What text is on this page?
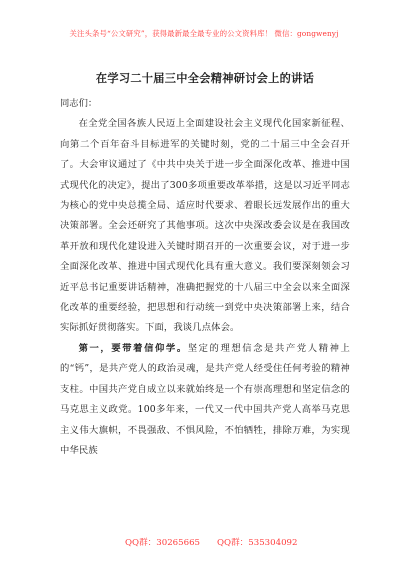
关注头条号“公文研究”，获得最新最全最专业的公文资料库！ 微信：gongwenyj
在学习二十届三中全会精神研讨会上的讲话

同志们：

在全党全国各族人民迈上全面建设社会主义现代化国家新征程、向第二个百年奋斗目标进军的关键时刻，党的二十届三中全会召开了。大会审议通过了《中共中央关于进一步全面深化改革、推进中国式现代化的决定》，提出了300多项重要改革举措，这是以习近平同志为核心的党中央总揽全局、适应时代要求、着眼长远发展作出的重大决策部署。全会还研究了其他事项。这次中央深改委会议是在我国改革开放和现代化建设进入关键时期召开的一次重要会议，对于进一步全面深化改革、推进中国式现代化具有重大意义。我们要深刻领会习近平总书记重要讲话精神，准确把握党的十八届三中全会以来全面深化改革的重要经验，把思想和行动统一到党中央决策部署上来，结合实际抓好贯彻落实。下面，我谈几点体会。

第一，要带着信仰学。坚定的理想信念是共产党人精神上的“钙”，是共产党人的政治灵魂，是共产党人经受住任何考验的精神支柱。中国共产党自成立以来就始终是一个有崇高理想和坚定信念的马克思主义政党。100多年来，一代又一代中国共产党人高举马克思主义伟大旗帜，不畏强敌、不惧风险，不怕牺牲，排除万难，为实现中华民族

QQ群：30265665 QQ群：535304092
